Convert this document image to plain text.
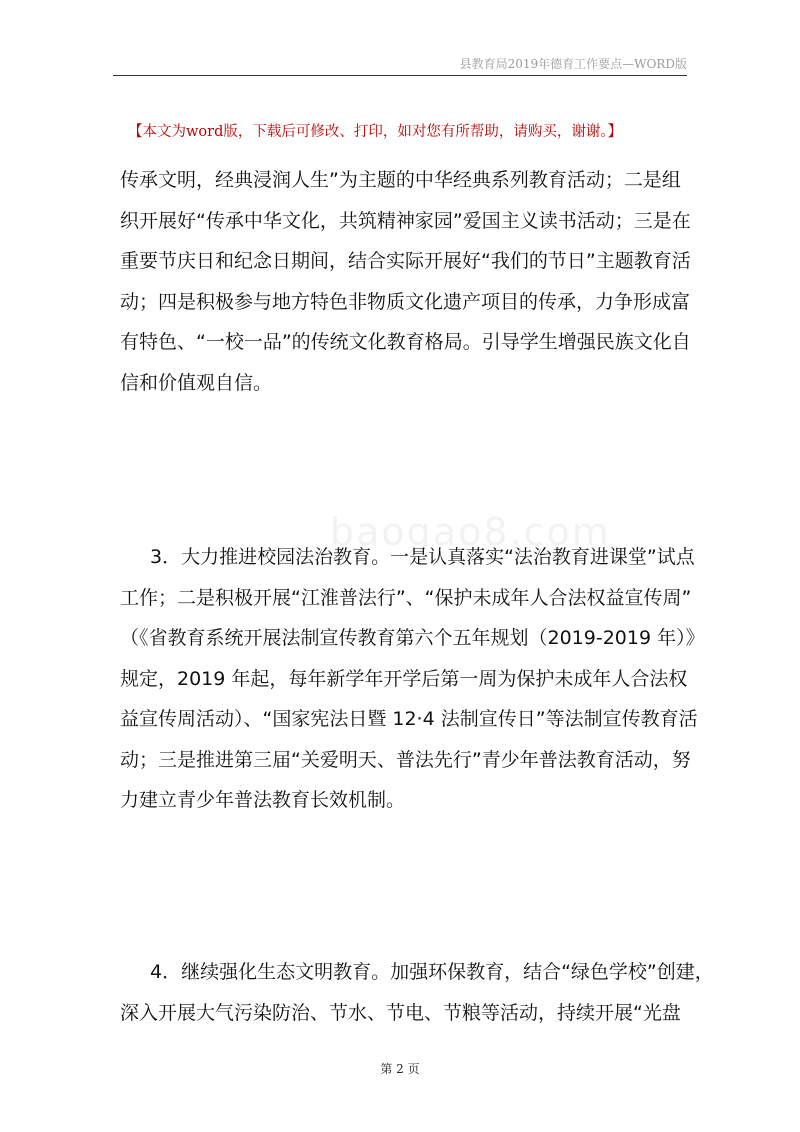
县教育局2019年德育工作要点—WORD版
【本文为word版，下载后可修改、打印，如对您有所帮助，请购买，谢谢。】
baogao8.com
传承文明，经典浸润人生”为主题的中华经典系列教育活动；二是组
织开展好“传承中华文化，共筑精神家园”爱国主义读书活动；三是在
重要节庆日和纪念日期间，结合实际开展好“我们的节日”主题教育活
动；四是积极参与地方特色非物质文化遗产项目的传承，力争形成富
有特色、“一校一品”的传统文化教育格局。引导学生增强民族文化自
信和价值观自信。
3．大力推进校园法治教育。一是认真落实“法治教育进课堂”试点
工作；二是积极开展“江淮普法行”、“保护未成年人合法权益宣传周”
（《省教育系统开展法制宣传教育第六个五年规划（2019-2019 年）》
规定，2019 年起，每年新学年开学后第一周为保护未成年人合法权
益宣传周活动）、“国家宪法日暨 12·4 法制宣传日”等法制宣传教育活
动；三是推进第三届“关爱明天、普法先行”青少年普法教育活动，努
力建立青少年普法教育长效机制。
4．继续强化生态文明教育。加强环保教育，结合“绿色学校”创建，
深入开展大气污染防治、节水、节电、节粮等活动，持续开展“光盘
第 2 页
